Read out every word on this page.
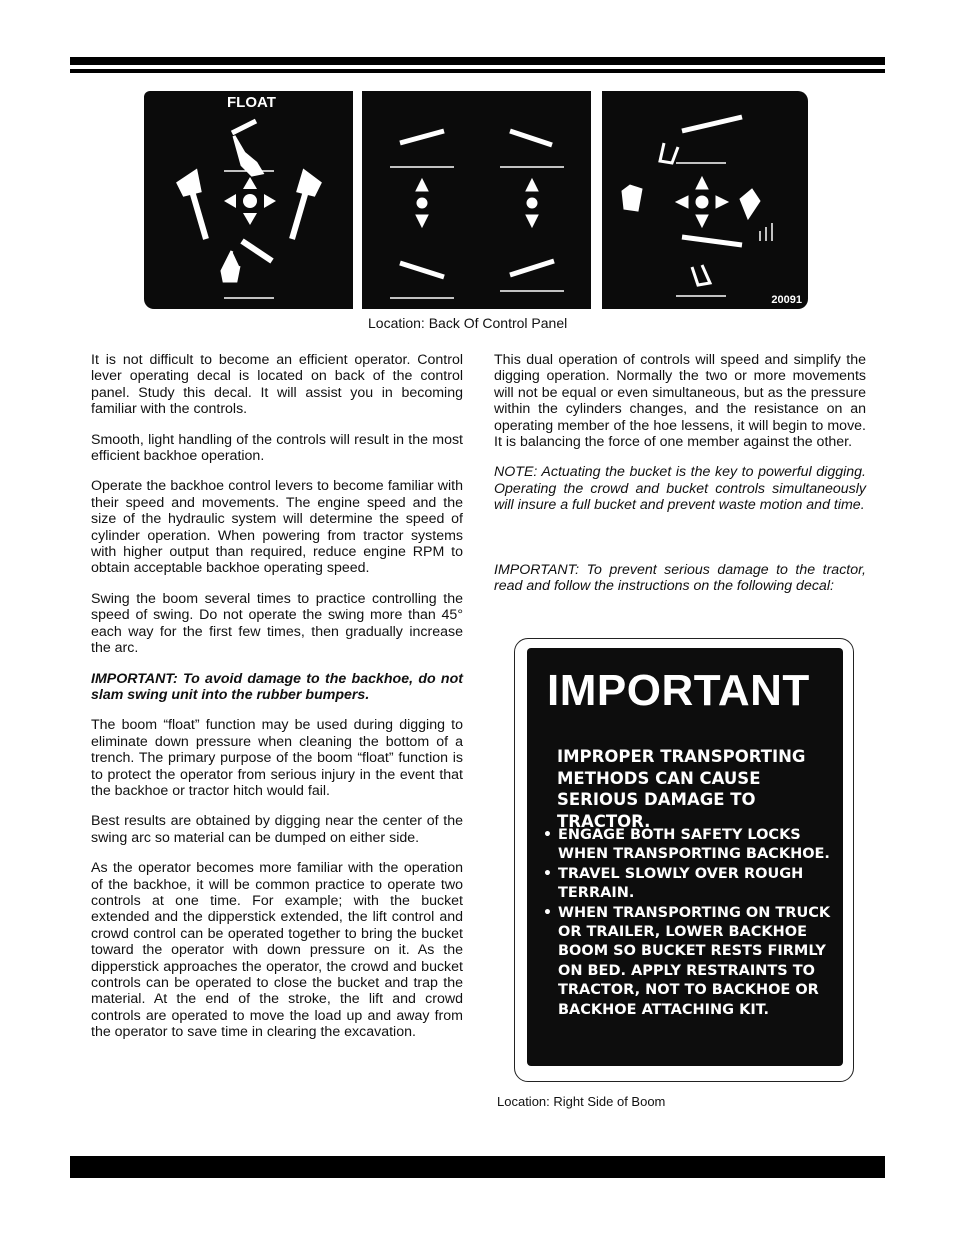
FLOAT
20091
Location: Back Of Control Panel

It is not difficult to become an efficient operator. Control lever operating decal is located on back of the control panel. Study this decal. It will assist you in becoming familiar with the controls.

Smooth, light handling of the controls will result in the most efficient backhoe operation.

Operate the backhoe control levers to become familiar with their speed and movements. The engine speed and the size of the hydraulic system will determine the speed of cylinder operation. When powering from tractor systems with higher output than required, reduce engine RPM to obtain acceptable backhoe operating speed.

Swing the boom several times to practice controlling the speed of swing. Do not operate the swing more than 45° each way for the first few times, then gradually increase the arc.

IMPORTANT: To avoid damage to the backhoe, do not slam swing unit into the rubber bumpers.

The boom “float” function may be used during digging to eliminate down pressure when cleaning the bottom of a trench. The primary purpose of the boom “float” function is to protect the operator from serious injury in the event that the backhoe or tractor hitch would fail.

Best results are obtained by digging near the center of the swing arc so material can be dumped on either side.

As the operator becomes more familiar with the operation of the backhoe, it will be common practice to operate two controls at one time. For example; with the bucket extended and the dipperstick extended, the lift control and crowd control can be operated together to bring the bucket toward the operator with down pressure on it. As the dipperstick approaches the operator, the crowd and bucket controls can be operated to close the bucket and trap the material. At the end of the stroke, the lift and crowd controls are operated to move the load up and away from the operator to save time in clearing the excavation.

This dual operation of controls will speed and simplify the digging operation. Normally the two or more movements will not be equal or even simultaneous, but as the pressure within the cylinders changes, and the resistance on an operating member of the hoe lessens, it will begin to move. It is balancing the force of one member against the other.

NOTE: Actuating the bucket is the key to powerful digging. Operating the crowd and bucket controls simultaneously will insure a full bucket and prevent waste motion and time.

IMPORTANT: To prevent serious damage to the tractor, read and follow the instructions on the following decal:

IMPORTANT
IMPROPER TRANSPORTING METHODS CAN CAUSE SERIOUS DAMAGE TO TRACTOR.
• ENGAGE BOTH SAFETY LOCKS WHEN TRANSPORTING BACKHOE.
• TRAVEL SLOWLY OVER ROUGH TERRAIN.
• WHEN TRANSPORTING ON TRUCK OR TRAILER, LOWER BACKHOE BOOM SO BUCKET RESTS FIRMLY ON BED. APPLY RESTRAINTS TO TRACTOR, NOT TO BACKHOE OR BACKHOE ATTACHING KIT.
Location: Right Side of Boom
